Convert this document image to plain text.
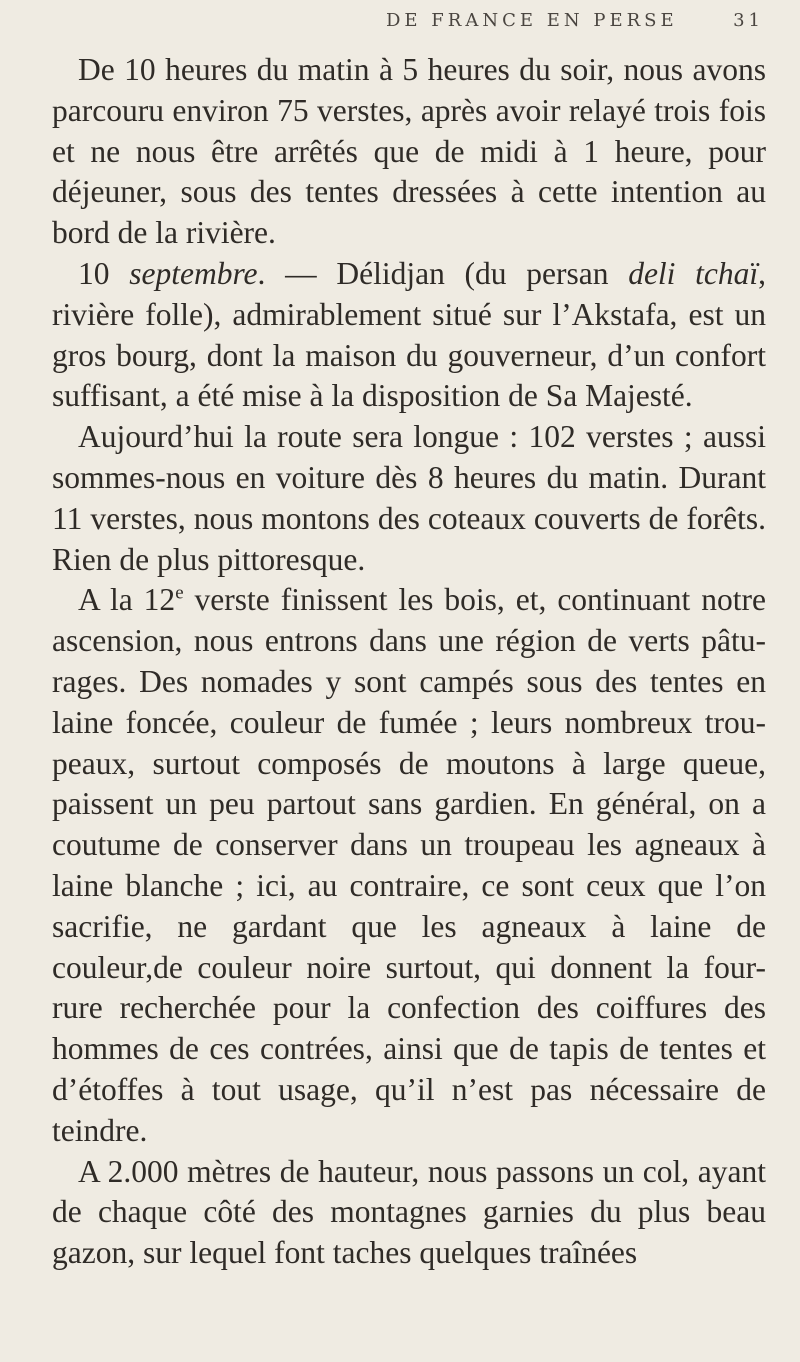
DE FRANCE EN PERSE	31

De 10 heures du matin à 5 heures du soir, nous avons parcouru environ 75 verstes, après avoir relayé trois fois et ne nous être arrêtés que de midi à 1 heure, pour déjeuner, sous des tentes dressées à cette intention au bord de la rivière.

10 septembre. — Délidjan (du persan deli tchaï, rivière folle), admirablement situé sur l’Akstafa, est un gros bourg, dont la maison du gouverneur, d’un confort suffisant, a été mise à la disposition de Sa Majesté.

Aujourd’hui la route sera longue : 102 verstes ; aussi sommes-nous en voiture dès 8 heures du matin. Durant 11 verstes, nous montons des coteaux couverts de forêts. Rien de plus pittoresque.

A la 12e verste finissent les bois, et, continuant notre ascension, nous entrons dans une région de verts pâtu-rages. Des nomades y sont campés sous des tentes en laine foncée, couleur de fumée ; leurs nombreux trou-peaux, surtout composés de moutons à large queue, paissent un peu partout sans gardien. En général, on a coutume de conserver dans un troupeau les agneaux à laine blanche ; ici, au contraire, ce sont ceux que l’on sacrifie, ne gardant que les agneaux à laine de couleur,de couleur noire surtout, qui donnent la four-rure recherchée pour la confection des coiffures des hommes de ces contrées, ainsi que de tapis de tentes et d’étoffes à tout usage, qu’il n’est pas nécessaire de teindre.

A 2.000 mètres de hauteur, nous passons un col, ayant de chaque côté des montagnes garnies du plus beau gazon, sur lequel font taches quelques traînées
